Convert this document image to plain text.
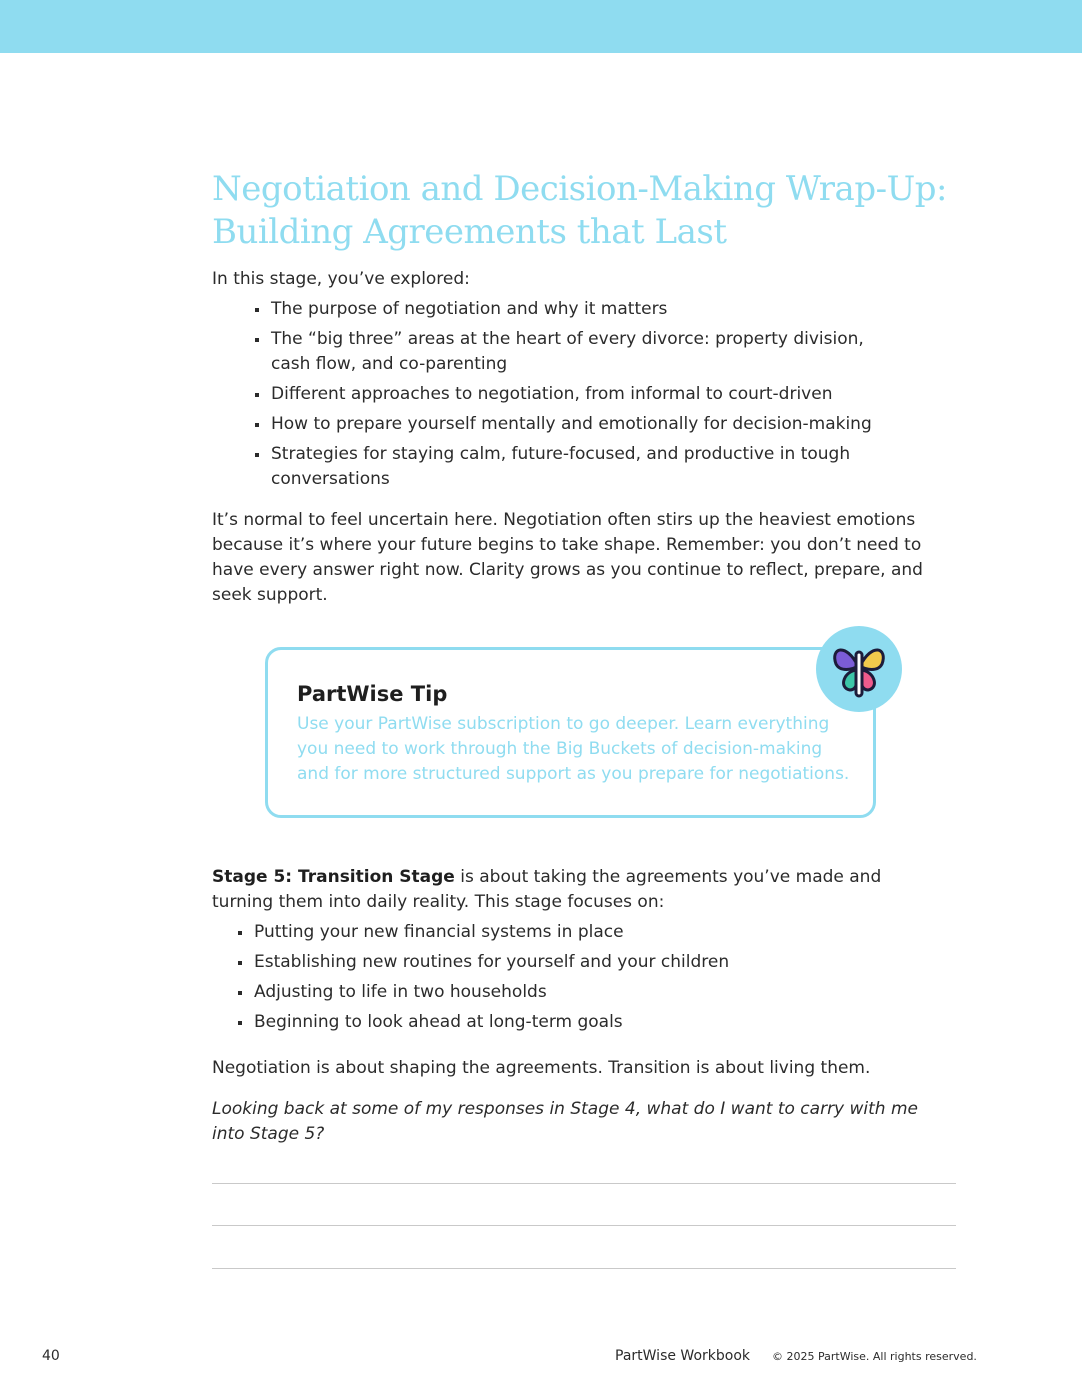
Negotiation and Decision-Making Wrap-Up:
Building Agreements that Last

In this stage, you’ve explored:

The purpose of negotiation and why it matters
The “big three” areas at the heart of every divorce: property division, cash flow, and co-parenting
Different approaches to negotiation, from informal to court-driven
How to prepare yourself mentally and emotionally for decision-making
Strategies for staying calm, future-focused, and productive in tough conversations

It’s normal to feel uncertain here. Negotiation often stirs up the heaviest emotions because it’s where your future begins to take shape. Remember: you don’t need to have every answer right now. Clarity grows as you continue to reflect, prepare, and seek support.

PartWise Tip

Use your PartWise subscription to go deeper. Learn everything you need to work through the Big Buckets of decision-making and for more structured support as you prepare for negotiations.

Stage 5: Transition Stage is about taking the agreements you’ve made and turning them into daily reality. This stage focuses on:

Putting your new financial systems in place
Establishing new routines for yourself and your children
Adjusting to life in two households
Beginning to look ahead at long-term goals

Negotiation is about shaping the agreements. Transition is about living them.

Looking back at some of my responses in Stage 4, what do I want to carry with me into Stage 5?

40	PartWise Workbook © 2025 PartWise. All rights reserved.
